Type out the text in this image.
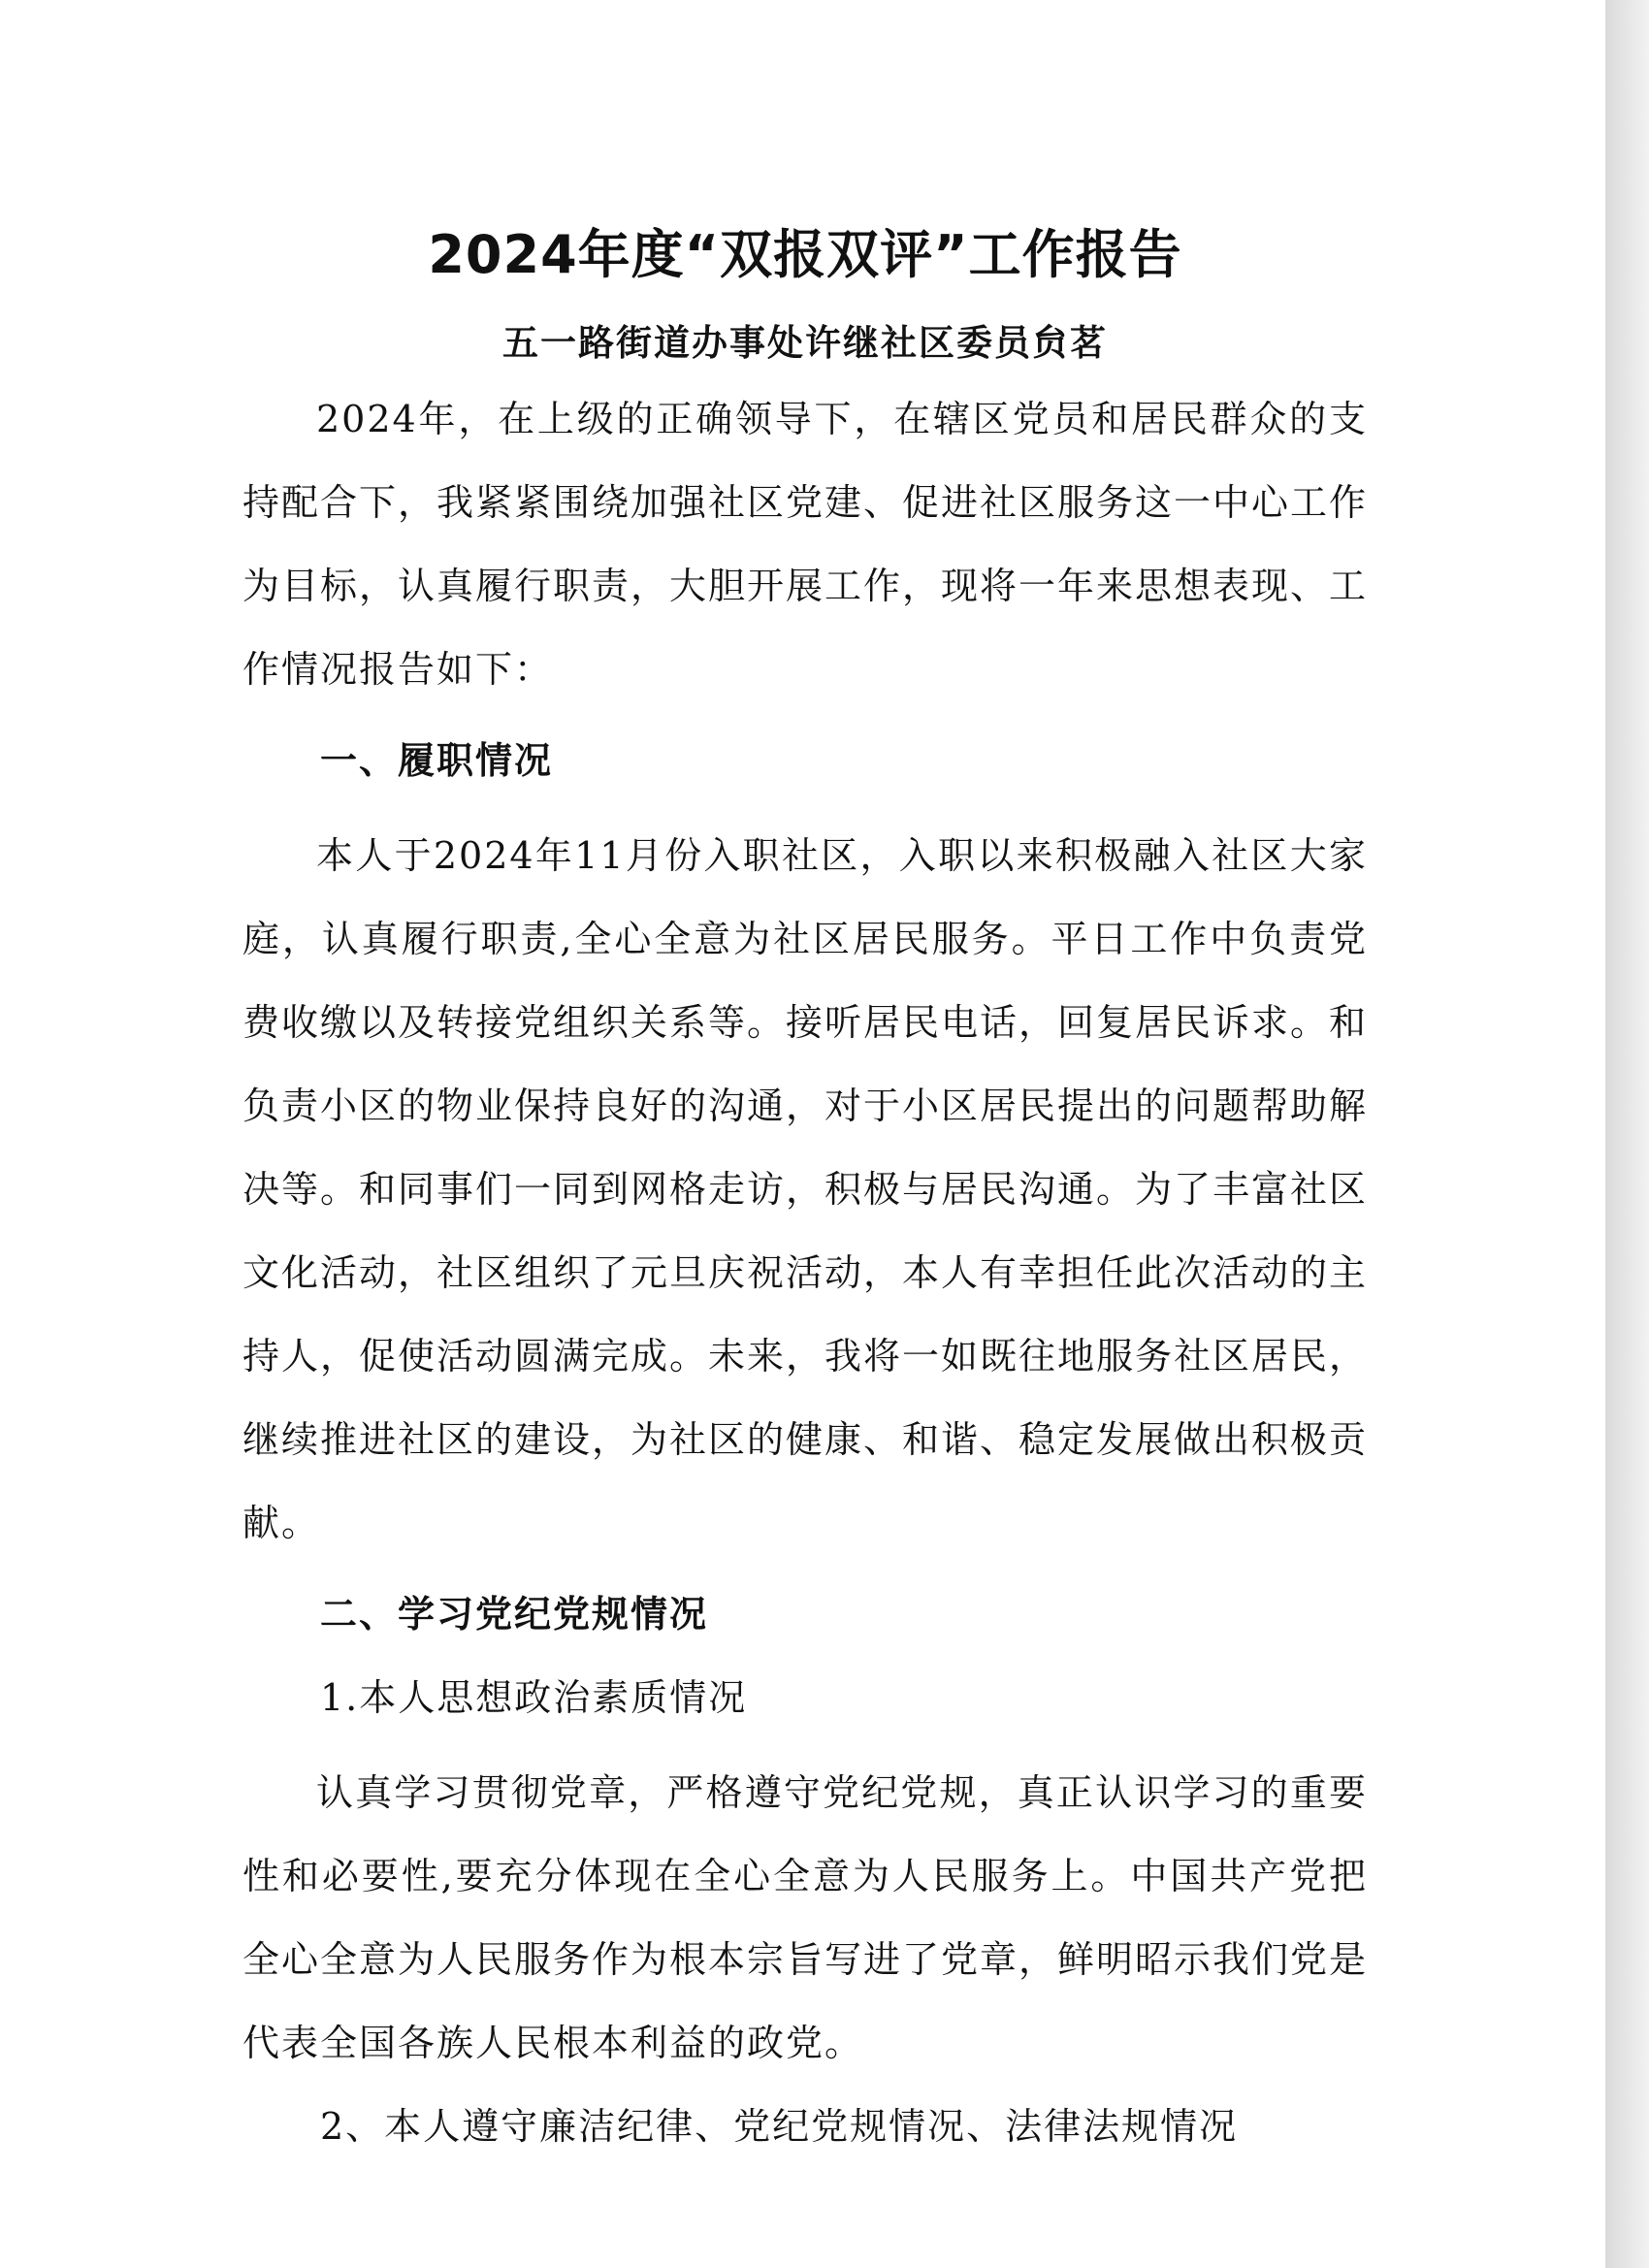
2024年度“双报双评”工作报告
五一路街道办事处许继社区委员贠茗

2024年，在上级的正确领导下，在辖区党员和居民群众的支持配合下，我紧紧围绕加强社区党建、促进社区服务这一中心工作为目标，认真履行职责，大胆开展工作，现将一年来思想表现、工作情况报告如下：

一、履职情况

本人于2024年11月份入职社区，入职以来积极融入社区大家庭，认真履行职责,全心全意为社区居民服务。平日工作中负责党费收缴以及转接党组织关系等。接听居民电话，回复居民诉求。和负责小区的物业保持良好的沟通，对于小区居民提出的问题帮助解决等。和同事们一同到网格走访，积极与居民沟通。为了丰富社区文化活动，社区组织了元旦庆祝活动，本人有幸担任此次活动的主持人，促使活动圆满完成。未来，我将一如既往地服务社区居民，继续推进社区的建设，为社区的健康、和谐、稳定发展做出积极贡献。

二、学习党纪党规情况
1.本人思想政治素质情况

认真学习贯彻党章，严格遵守党纪党规，真正认识学习的重要性和必要性,要充分体现在全心全意为人民服务上。中国共产党把全心全意为人民服务作为根本宗旨写进了党章，鲜明昭示我们党是代表全国各族人民根本利益的政党。

2、本人遵守廉洁纪律、党纪党规情况、法律法规情况
